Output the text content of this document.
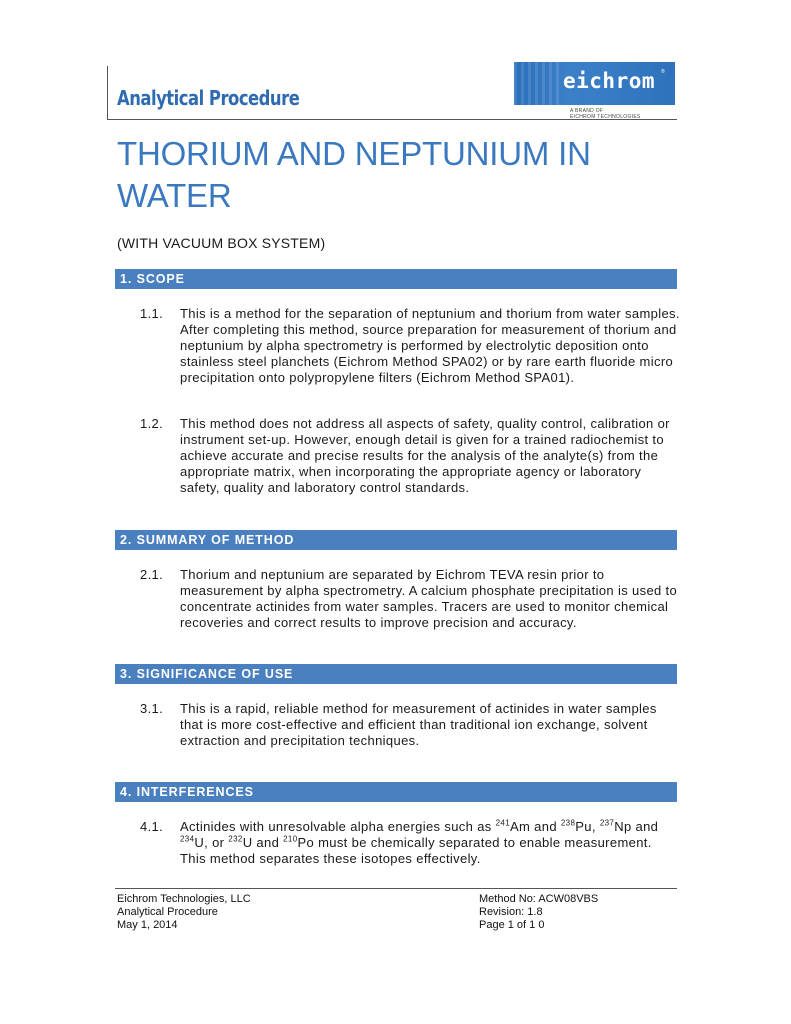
Analytical Procedure
eichrom ®
A BRAND OF
EICHROM TECHNOLOGIES
THORIUM AND NEPTUNIUM IN WATER
(WITH VACUUM BOX SYSTEM)
1. SCOPE
1.1. This is a method for the separation of neptunium and thorium from water samples. After completing this method, source preparation for measurement of thorium and neptunium by alpha spectrometry is performed by electrolytic deposition onto stainless steel planchets (Eichrom Method SPA02) or by rare earth fluoride micro precipitation onto polypropylene filters (Eichrom Method SPA01).
1.2. This method does not address all aspects of safety, quality control, calibration or instrument set-up. However, enough detail is given for a trained radiochemist to achieve accurate and precise results for the analysis of the analyte(s) from the appropriate matrix, when incorporating the appropriate agency or laboratory safety, quality and laboratory control standards.
2. SUMMARY OF METHOD
2.1. Thorium and neptunium are separated by Eichrom TEVA resin prior to measurement by alpha spectrometry. A calcium phosphate precipitation is used to concentrate actinides from water samples. Tracers are used to monitor chemical recoveries and correct results to improve precision and accuracy.
3. SIGNIFICANCE OF USE
3.1. This is a rapid, reliable method for measurement of actinides in water samples that is more cost-effective and efficient than traditional ion exchange, solvent extraction and precipitation techniques.
4. INTERFERENCES
4.1. Actinides with unresolvable alpha energies such as $^{241}$Am and $^{238}$Pu, $^{237}$Np and $^{234}$U, or $^{232}$U and $^{210}$Po must be chemically separated to enable measurement. This method separates these isotopes effectively.
Eichrom Technologies, LLC
Analytical Procedure
May 1, 2014
Method No: ACW08VBS
Revision: 1.8
Page 1 of 1 0
